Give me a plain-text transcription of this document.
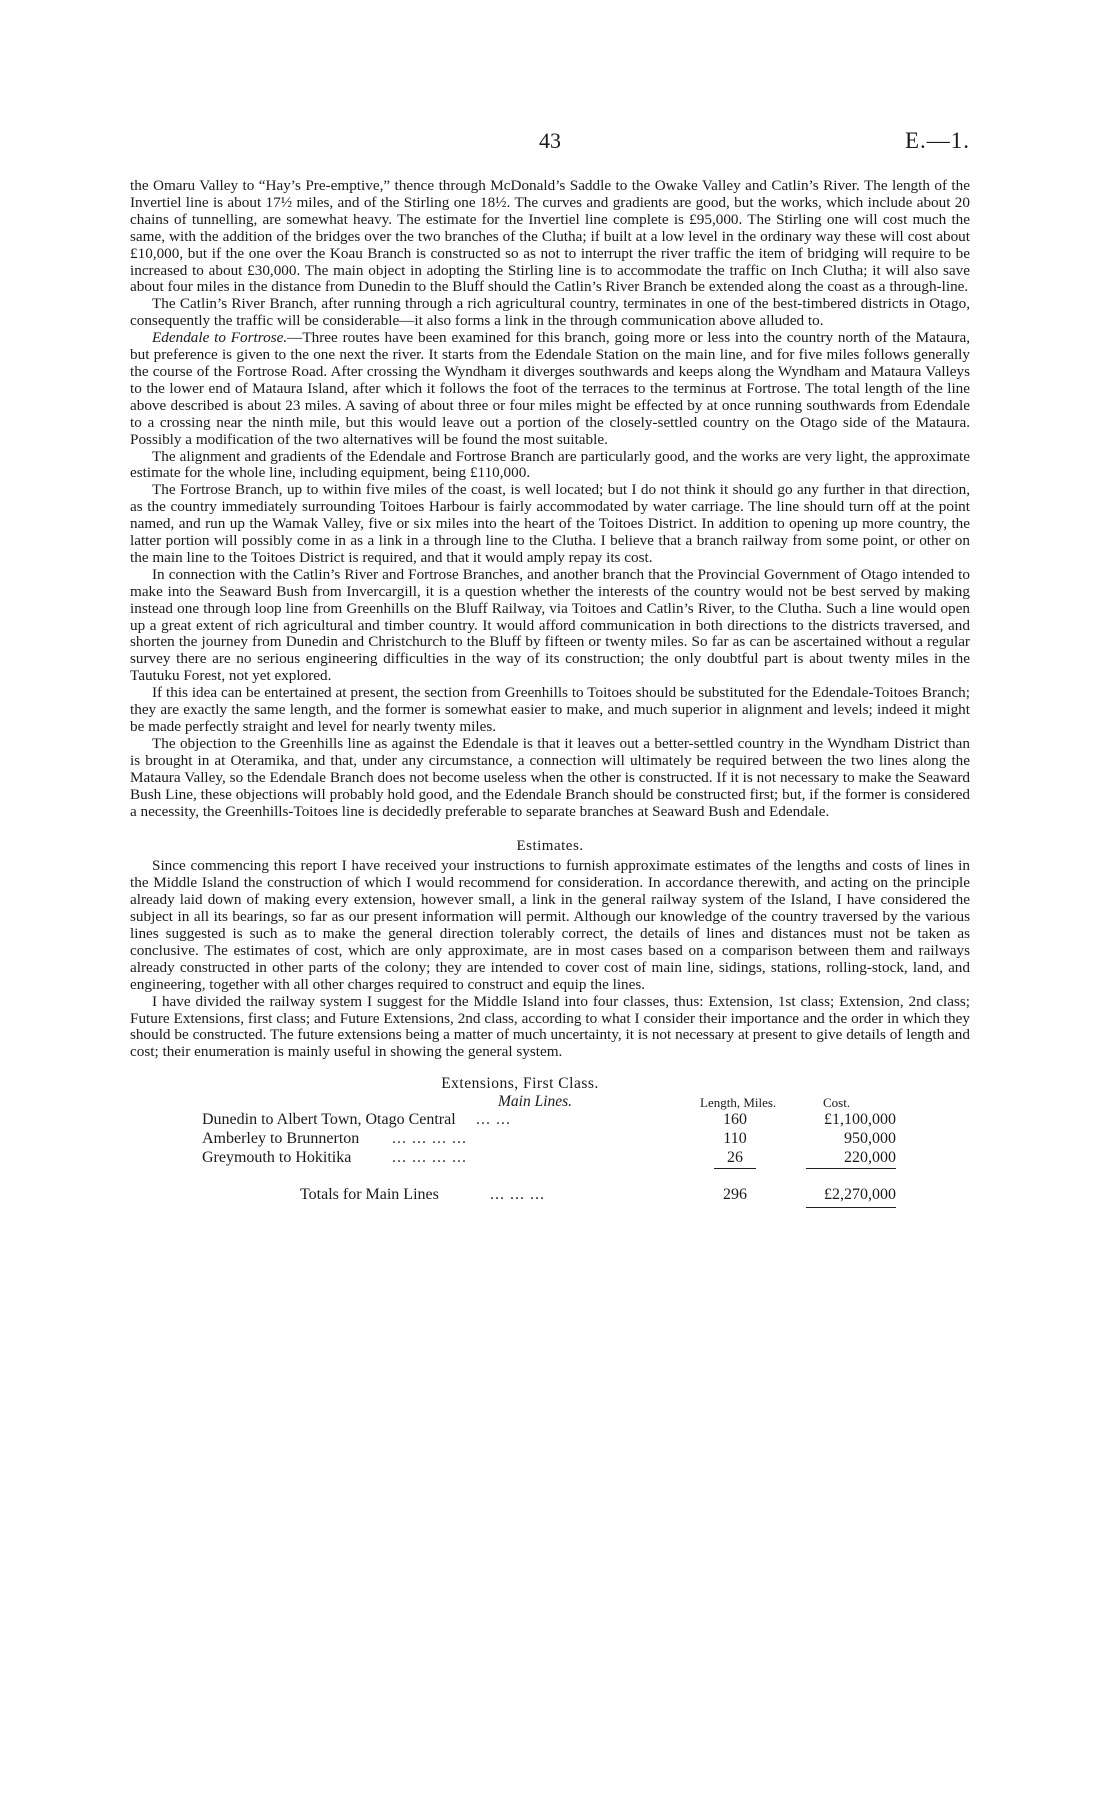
43	E.—1.

the Omaru Valley to “Hay’s Pre-emptive,” thence through McDonald’s Saddle to the Owake Valley and Catlin’s River. The length of the Invertiel line is about 17½ miles, and of the Stirling one 18½. The curves and gradients are good, but the works, which include about 20 chains of tunnelling, are somewhat heavy. The estimate for the Invertiel line complete is £95,000. The Stirling one will cost much the same, with the addition of the bridges over the two branches of the Clutha; if built at a low level in the ordinary way these will cost about £10,000, but if the one over the Koau Branch is constructed so as not to interrupt the river traffic the item of bridging will require to be increased to about £30,000. The main object in adopting the Stirling line is to accommodate the traffic on Inch Clutha; it will also save about four miles in the distance from Dunedin to the Bluff should the Catlin’s River Branch be extended along the coast as a through-line.

The Catlin’s River Branch, after running through a rich agricultural country, terminates in one of the best-timbered districts in Otago, consequently the traffic will be considerable—it also forms a link in the through communication above alluded to.

Edendale to Fortrose.—Three routes have been examined for this branch, going more or less into the country north of the Mataura, but preference is given to the one next the river. It starts from the Edendale Station on the main line, and for five miles follows generally the course of the Fortrose Road. After crossing the Wyndham it diverges southwards and keeps along the Wyndham and Mataura Valleys to the lower end of Mataura Island, after which it follows the foot of the terraces to the terminus at Fortrose. The total length of the line above described is about 23 miles. A saving of about three or four miles might be effected by at once running southwards from Edendale to a crossing near the ninth mile, but this would leave out a portion of the closely-settled country on the Otago side of the Mataura. Possibly a modification of the two alternatives will be found the most suitable.

The alignment and gradients of the Edendale and Fortrose Branch are particularly good, and the works are very light, the approximate estimate for the whole line, including equipment, being £110,000.

The Fortrose Branch, up to within five miles of the coast, is well located; but I do not think it should go any further in that direction, as the country immediately surrounding Toitoes Harbour is fairly accommodated by water carriage. The line should turn off at the point named, and run up the Wamak Valley, five or six miles into the heart of the Toitoes District. In addition to opening up more country, the latter portion will possibly come in as a link in a through line to the Clutha. I believe that a branch railway from some point, or other on the main line to the Toitoes District is required, and that it would amply repay its cost.

In connection with the Catlin’s River and Fortrose Branches, and another branch that the Provincial Government of Otago intended to make into the Seaward Bush from Invercargill, it is a question whether the interests of the country would not be best served by making instead one through loop line from Greenhills on the Bluff Railway, via Toitoes and Catlin’s River, to the Clutha. Such a line would open up a great extent of rich agricultural and timber country. It would afford communication in both directions to the districts traversed, and shorten the journey from Dunedin and Christchurch to the Bluff by fifteen or twenty miles. So far as can be ascertained without a regular survey there are no serious engineering difficulties in the way of its construction; the only doubtful part is about twenty miles in the Tautuku Forest, not yet explored.

If this idea can be entertained at present, the section from Greenhills to Toitoes should be substituted for the Edendale-Toitoes Branch; they are exactly the same length, and the former is somewhat easier to make, and much superior in alignment and levels; indeed it might be made perfectly straight and level for nearly twenty miles.

The objection to the Greenhills line as against the Edendale is that it leaves out a better-settled country in the Wyndham District than is brought in at Oteramika, and that, under any circumstance, a connection will ultimately be required between the two lines along the Mataura Valley, so the Edendale Branch does not become useless when the other is constructed. If it is not necessary to make the Seaward Bush Line, these objections will probably hold good, and the Edendale Branch should be constructed first; but, if the former is considered a necessity, the Greenhills-Toitoes line is decidedly preferable to separate branches at Seaward Bush and Edendale.

Estimates.

Since commencing this report I have received your instructions to furnish approximate estimates of the lengths and costs of lines in the Middle Island the construction of which I would recommend for consideration. In accordance therewith, and acting on the principle already laid down of making every extension, however small, a link in the general railway system of the Island, I have considered the subject in all its bearings, so far as our present information will permit. Although our knowledge of the country traversed by the various lines suggested is such as to make the general direction tolerably correct, the details of lines and distances must not be taken as conclusive. The estimates of cost, which are only approximate, are in most cases based on a comparison between them and railways already constructed in other parts of the colony; they are intended to cover cost of main line, sidings, stations, rolling-stock, land, and engineering, together with all other charges required to construct and equip the lines.

I have divided the railway system I suggest for the Middle Island into four classes, thus: Extension, 1st class; Extension, 2nd class; Future Extensions, first class; and Future Extensions, 2nd class, according to what I consider their importance and the order in which they should be constructed. The future extensions being a matter of much uncertainty, it is not necessary at present to give details of length and cost; their enumeration is mainly useful in showing the general system.

Extensions, First Class.
Main Lines.	Length, Miles.	Cost.
Dunedin to Albert Town, Otago Central ... ...	160	£1,100,000
Amberley to Brunnerton ... ... ... ...	110	950,000
Greymouth to Hokitika	... ... ... ...	26	220,000
Totals for Main Lines	... ... ...	296	£2,270,000
